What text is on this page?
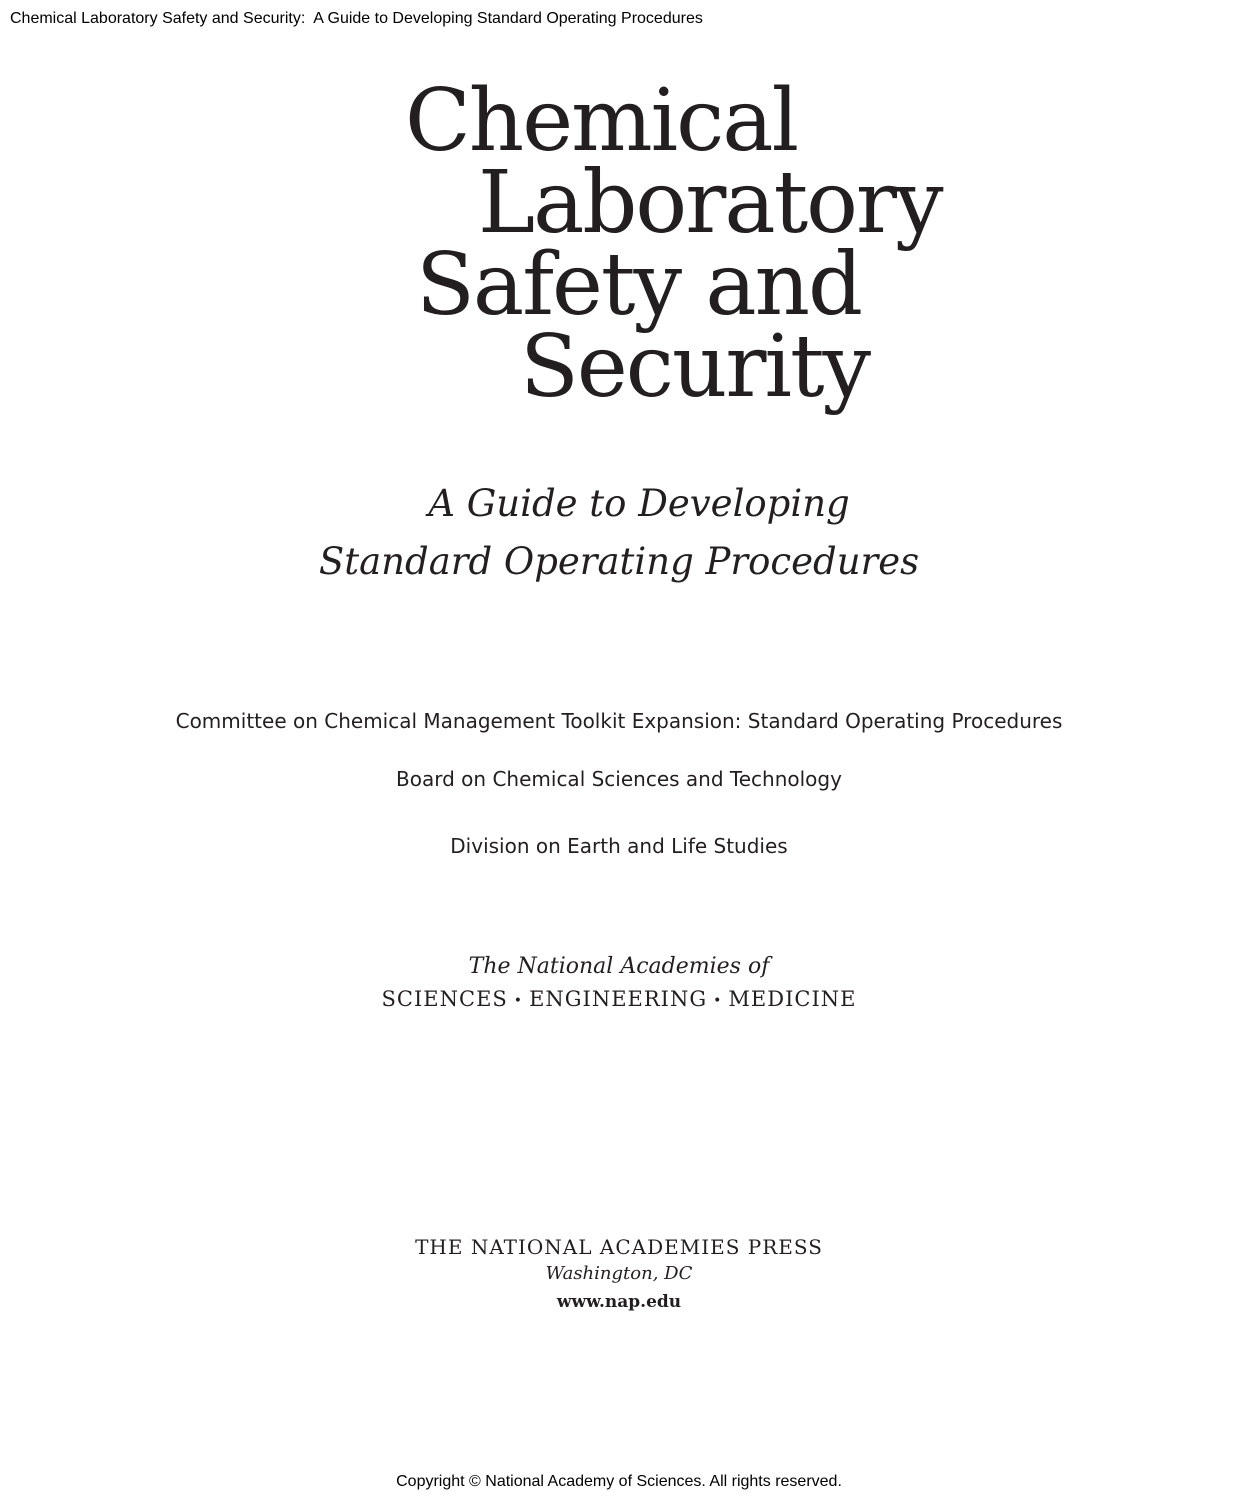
Chemical Laboratory Safety and Security:  A Guide to Developing Standard Operating Procedures
Chemical
Laboratory
Safety and
Security
A Guide to Developing
Standard Operating Procedures
Committee on Chemical Management Toolkit Expansion: Standard Operating Procedures
Board on Chemical Sciences and Technology
Division on Earth and Life Studies
The National Academies of
SCIENCES • ENGINEERING • MEDICINE
THE NATIONAL ACADEMIES PRESS
Washington, DC
www.nap.edu
Copyright © National Academy of Sciences. All rights reserved.
